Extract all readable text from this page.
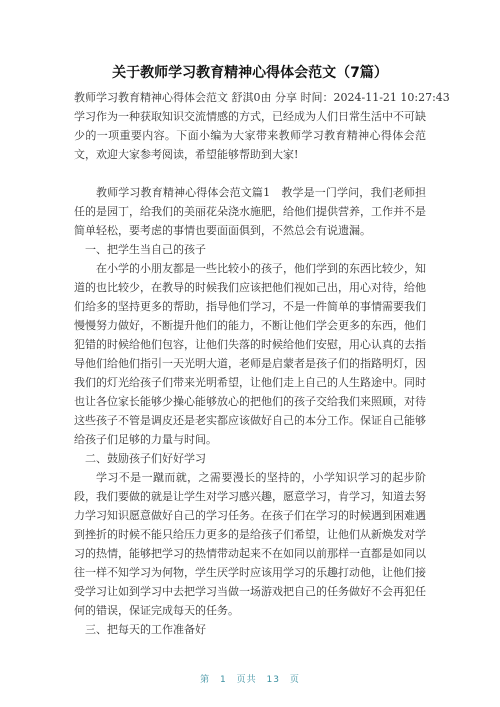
关于教师学习教育精神心得体会范文（7篇）
教师学习教育精神心得体会范文 舒淇0由 分享 时间：2024-11-21 10:27:43

学习作为一种获取知识交流情感的方式，已经成为人们日常生活中不可缺少的一项重要内容。下面小编为大家带来教师学习教育精神心得体会范文，欢迎大家参考阅读，希望能够帮助到大家!

教师学习教育精神心得体会范文篇1　教学是一门学问，我们老师担任的是园丁，给我们的美丽花朵浇水施肥，给他们提供营养，工作并不是简单轻松，要考虑的事情也要面面俱到，不然总会有说遗漏。

一、把学生当自己的孩子

在小学的小朋友都是一些比较小的孩子，他们学到的东西比较少，知道的也比较少，在教导的时候我们应该把他们视如己出，用心对待，给他们给多的坚持更多的帮助，指导他们学习，不是一件简单的事情需要我们慢慢努力做好，不断提升他们的能力，不断让他们学会更多的东西，他们犯错的时候给他们包容，让他们失落的时候给他们安慰，用心认真的去指导他们给他们指引一天光明大道，老师是启蒙者是孩子们的指路明灯，因我们的灯光给孩子们带来光明希望，让他们走上自己的人生路途中。同时也让各位家长能够少操心能够放心的把他们的孩子交给我们来照顾，对待这些孩子不管是调皮还是老实都应该做好自己的本分工作。保证自己能够给孩子们足够的力量与时间。

二、鼓励孩子们好好学习

学习不是一蹴而就，之需要漫长的坚持的，小学知识学习的起步阶段，我们要做的就是让学生对学习感兴趣，愿意学习，肯学习，知道去努力学习知识愿意做好自己的学习任务。在孩子们在学习的时候遇到困难遇到挫折的时候不能只给压力更多的是给孩子们希望，让他们从新焕发对学习的热情，能够把学习的热情带动起来不在如同以前那样一直都是如同以往一样不知学习为何物，学生厌学时应该用学习的乐趣打动他，让他们接受学习让如到学习中去把学习当做一场游戏把自己的任务做好不会再犯任何的错误，保证完成每天的任务。

三、把每天的工作准备好
第 1 页共 13 页
